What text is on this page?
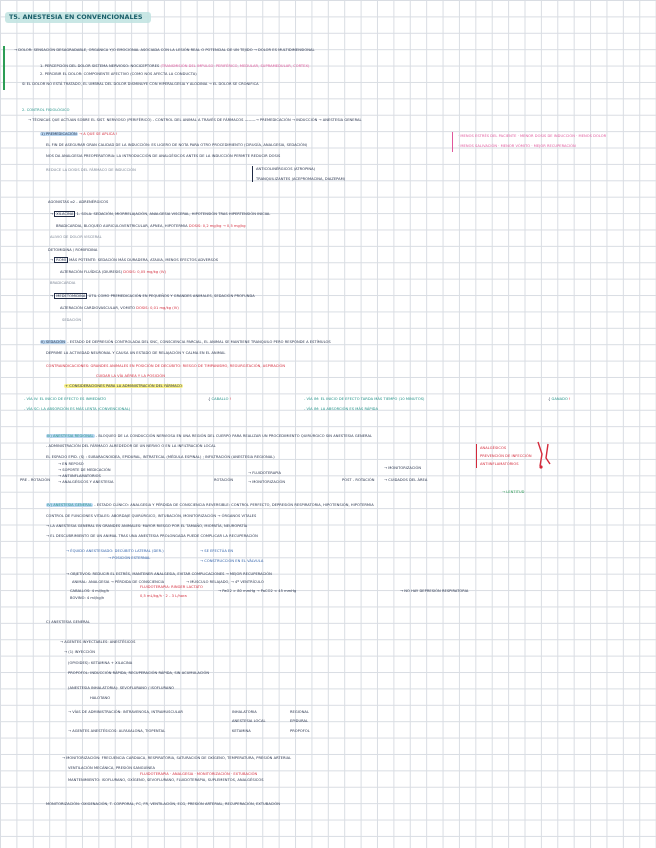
T5. ANESTESIA EN CONVENCIONALES
→ DOLOR: SENSACIÓN DESAGRADABLE, ORGÁNICA Y/O EMOCIONAL ASOCIADA CON LA LESIÓN REAL O POTENCIAL DE UN TEJIDO → DOLOR ES MULTIDIMENSIONAL
1. PERCEPCIÓN DEL DOLOR SISTEMA NERVIOSO: NOCICEPTORES (TRANSMISIÓN DEL IMPULSO: PERIFÉRICO, MEDULAR, SUPRAMEDULAR, CORTEX)
2. PERCIBIR EL DOLOR: COMPONENTE AFECTIVO (COMO NOS AFECTA LA CONDUCTA)
SI EL DOLOR NO ESTÁ TRATADO, EL UMBRAL DEL DOLOR DISMINUYE CON HIPERALGESIA Y ALODINIA → EL DOLOR SE CRONIFICA
2. CONTROL FISIOLÓGICO
→ TÉCNICAS QUE ACTÚAN SOBRE EL SIST. NERVIOSO (PERIFÉRICO) - CONTROL DEL ANIMAL A TRAVÉS DE FÁRMACOS ———→ PREMEDICACIÓN → INDUCCIÓN → ANESTESIA GENERAL
1) PREMEDICACIÓN → A QUE SE APLICA !
EL FIN DE ASEGURAR GRAN CALIDAD DE LA INDUCCIÓN: ES LIGERO DE NOTA PARA OTRO PROCEDIMIENTO (CIRUGÍA, ANALGESIA, SEDACIÓN)
NOS DA ANALGESIA PREOPERATORIA: LA INTRODUCCIÓN DE ANALGÉSICOS ANTES DE LA INDUCCIÓN PERMITE REDUCIR DOSIS
REDUCE LA DOSIS DEL FÁRMACO DE INDUCCIÓN	ANTICOLINÉRGICOS (ATROPINA)
TRANQUILIZANTES (ACEPROMACINA, DIAZEPAM)
· MENOS ESTRÉS DEL PACIENTE · MENOR DOSIS DE INDUCCIÓN · MENOS DOLOR
· MENOS SALIVACIÓN · MENOR VÓMITO · MEJOR RECUPERACIÓN
AGONISTAS α2 - ADRENÉRGICOS
→ XILACINA 1. SOLA: SEDACIÓN, MIORRELAJACIÓN, ANALGESIA VISCERAL, HIPOTENSIÓN TRAS HIPERTENSIÓN INICIAL
BRADICARDIA, BLOQUEO AURICULOVENTRICULAR, APNEA, HIPOTERMIA DOSIS: 0,2 mg/kg → 0,5 mg/kg
ALIVIO DE DOLOR VISCERAL
DETOMIDINA / ROMIFIDINA
→ ROMI MÁS POTENTE: SEDACIÓN MÁS DURADERA, ATAXIA, MENOS EFECTOS ADVERSOS
ALTERACIÓN FLUÍDICA (DIURESIS) DOSIS: 0,05 mg/kg (IV)
BRADICARDIA
→ MEDETOMIDINA ÚTIL COMO PREMEDICACIÓN EN PEQUEÑOS Y GRANDES ANIMALES, SEDACIÓN PROFUNDA
ALTERACIÓN CARDIOVASCULAR, VOMITO DOSIS: 0,01 mg/kg (IV)
SEDACIÓN
II) SEDACIÓN - ESTADO DE DEPRESIÓN CONTROLADA DEL SNC, CONSCIENCIA PARCIAL, EL ANIMAL SE MANTIENE TRANQUILO PERO RESPONDE A ESTÍMULOS
DEPRIME LA ACTIVIDAD NEURONAL Y CAUSA UN ESTADO DE RELAJACIÓN Y CALMA EN EL ANIMAL
CONTRAINDICACIONES: GRANDES ANIMALES EN POSICIÓN DE DECÚBITO: RIESGO DE TIMPANISMO, REGURGITACIÓN, ASPIRACIÓN
CUIDAR LA VÍA AÉREA Y LA POSICIÓN
+ CONSIDERACIONES PARA LA ADMINISTRACIÓN DEL FÁRMACO
- VÍA IV: EL INICIO DE EFECTO ES INMEDIATO	{ CABALLO !	- VÍA IM: EL INICIO DE EFECTO TARDA MÁS TIEMPO (10 MINUTOS)	{ GANADO !
- VÍA SC: LA ABSORCIÓN ES MÁS LENTA (CONVENCIONAL)	- VÍA IM: LA ABSORCIÓN ES MÁS RÁPIDA
III) ANESTESIA REGIONAL - BLOQUEO DE LA CONDUCCIÓN NERVIOSA EN UNA REGIÓN DEL CUERPO PARA REALIZAR UN PROCEDIMIENTO QUIRÚRGICO SIN ANESTESIA GENERAL
- ADMINISTRACIÓN DEL FÁRMACO ALREDEDOR DE UN NERVIO O EN LA INFILTRACIÓN LOCAL
EL ESPACIO EPID. (S) : SUBARACNOIDEA, EPIDURAL, INTRATECAL (MÉDULA ESPINAL) ; INFILTRACIÓN (ANESTESIA REGIONAL)
PRE - ROTACIÓN
→ EN REPOSO
→ SOPORTE DE MEDICACIÓN
→ ANTIINFLAMATORIOS
→ ANALGÉSICOS Y ANESTESIA	ROTACIÓN
→ FLUIDOTERAPIA
→ MONITORIZACIÓN	POST - ROTACIÓN
→ MONITORIZACIÓN
→ CUIDADOS DEL ÁREA
ANALGÉSICOS
PREVENCIÓN DE INFECCIÓN
ANTIINFLAMATORIOS
→ LENTITUD
IV) ANESTESIA GENERAL - ESTADO CLÍNICO: ANALGESIA Y PÉRDIDA DE CONSCIENCIA REVERSIBLE: CONTROL PERFECTO, DEPRESIÓN RESPIRATORIA, HIPOTENSIÓN, HIPOTERMIA
CONTROL DE FUNCIONES VITALES: ABORDAJE QUIRÚRGICO, INTUBACIÓN, MONITORIZACIÓN → ÓRGANOS VITALES
→ LA ANESTESIA GENERAL EN GRANDES ANIMALES: MAYOR RIESGO POR EL TAMAÑO, MIOPATÍA, NEUROPATÍA
→ EL DESCUBRIMIENTO DE UN ANIMAL TRAS UNA ANESTESIA PROLONGADA PUEDE COMPLICAR LA RECUPERACIÓN
→ ÉQUIDO ANESTESIADO: DECÚBITO LATERAL (DER.)
→ POSICIÓN ESTERNAL
→ SE EFECTÚA EN
→ CONSTRUCCIÓN EN EL VÁLVULA
→ OBJETIVOS: REDUCIR EL ESTRÉS, MANTENER ANALGESIA, EVITAR COMPLICACIONES → MEJOR RECUPERACIÓN
ANIMAL: ANALGESIA → PÉRDIDA DE CONSCIENCIA	→ MÚSCULO RELAJADO, → 4º VENTRÍCULO
CABALLOS: 4 ml/kg/h
BOVINO: 4 ml/kg/h
FLUIDOTERAPIA: RINGER LACTATO
0,5 mL/kg/h · 2 - 3 L/hora
→ PaO2 > 80 mmHg → PaCO2 < 45 mmHg	→ NO HAY DEPRESIÓN RESPIRATORIA
C) ANESTESIA GENERAL
→ AGENTES INYECTABLES: ANESTÉSICOS
→ (1) INYECCIÓN
(OPIOIDES): KETAMINA + XILACINA
PROPOFOL: INDUCCIÓN RÁPIDA, RECUPERACIÓN RÁPIDA, SIN ACUMULACIÓN
(ANESTESIA INHALATORIA): SEVOFLURANO / ISOFLURANO
HALOTANO
→ VÍAS DE ADMINISTRACIÓN: INTRAVENOSA, INTRAMUSCULAR	INHALATORIA
ANESTESIA LOCAL
REGIONAL
EPIDURAL
→ AGENTES ANESTÉSICOS: ALFAXALONA, TIOPENTAL	KETAMINA	PROPOFOL
→ MONITORIZACIÓN: FRECUENCIA CARDIACA, RESPIRATORIA, SATURACIÓN DE OXÍGENO, TEMPERATURA, PRESIÓN ARTERIAL
VENTILACIÓN MECÁNICA, PRESIÓN SANGUÍNEA
MANTENIMIENTO: ISOFLURANO, OXÍGENO, SEVOFLURANO, FLUIDOTERAPIA, SUPLEMENTOS, ANALGÉSICOS
FLUIDOTERAPIA · ANALGESIA · MONITORIZACIÓN · EXTUBACIÓN
MONITORIZACIÓN: OXIGENACIÓN, T. CORPORAL, FC, FR, VENTILACIÓN, ECG, PRESIÓN ARTERIAL, RECUPERACIÓN, EXTUBACIÓN
